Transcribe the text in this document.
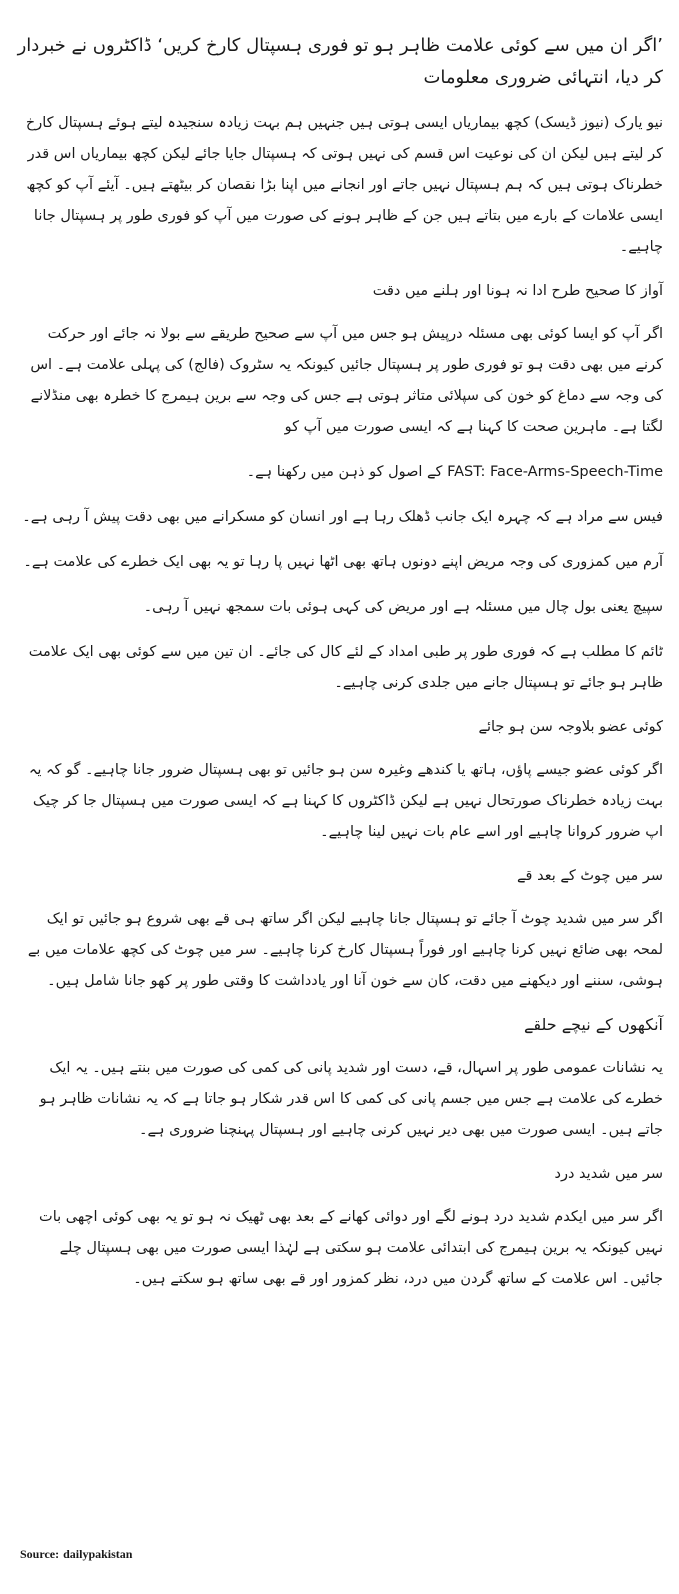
’اگر ان میں سے کوئی علامت ظاہر ہو تو فوری ہسپتال کارخ کریں‘ ڈاکٹروں نے خبردار کر دیا، انتہائی ضروری معلومات
نیو یارک (نیوز ڈیسک) کچھ بیماریاں ایسی ہوتی ہیں جنہیں ہم بہت زیادہ سنجیدہ لیتے ہوئے ہسپتال کارخ کر لیتے ہیں لیکن ان کی نوعیت اس قسم کی نہیں ہوتی کہ ہسپتال جایا جائے لیکن کچھ بیماریاں اس قدر خطرناک ہوتی ہیں کہ ہم ہسپتال نہیں جاتے اور انجانے میں اپنا بڑا نقصان کر بیٹھتے ہیں۔ آیئے آپ کو کچھ ایسی علامات کے بارے میں بتاتے ہیں جن کے ظاہر ہونے کی صورت میں آپ کو فوری طور پر ہسپتال جانا چاہیے۔
آواز کا صحیح طرح ادا نہ ہونا اور ہلنے میں دقت
اگر آپ کو ایسا کوئی بھی مسئلہ درپیش ہو جس میں آپ سے صحیح طریقے سے بولا نہ جائے اور حرکت کرنے میں بھی دقت ہو تو فوری طور پر ہسپتال جائیں کیونکہ یہ سٹروک (فالج) کی پہلی علامت ہے۔ اس کی وجہ سے دماغ کو خون کی سپلائی متاثر ہوتی ہے جس کی وجہ سے برین ہیمرج کا خطرہ بھی منڈلانے لگتا ہے۔ ماہرین صحت کا کہنا ہے کہ ایسی صورت میں آپ کو
FAST: Face-Arms-Speech-Time کے اصول کو ذہن میں رکھنا ہے۔
فیس سے مراد ہے کہ چہرہ ایک جانب ڈھلک رہا ہے اور انسان کو مسکرانے میں بھی دقت پیش آ رہی ہے۔
آرم میں کمزوری کی وجہ مریض اپنے دونوں ہاتھ بھی اٹھا نہیں پا رہا تو یہ بھی ایک خطرے کی علامت ہے۔
سپیچ یعنی بول چال میں مسئلہ ہے اور مریض کی کہی ہوئی بات سمجھ نہیں آ رہی۔
ٹائم کا مطلب ہے کہ فوری طور پر طبی امداد کے لئے کال کی جائے۔ ان تین میں سے کوئی بھی ایک علامت ظاہر ہو جائے تو ہسپتال جانے میں جلدی کرنی چاہیے۔
کوئی عضو بلاوجہ سن ہو جائے
اگر کوئی عضو جیسے پاؤں، ہاتھ یا کندھے وغیرہ سن ہو جائیں تو بھی ہسپتال ضرور جانا چاہیے۔ گو کہ یہ بہت زیادہ خطرناک صورتحال نہیں ہے لیکن ڈاکٹروں کا کہنا ہے کہ ایسی صورت میں ہسپتال جا کر چیک اپ ضرور کروانا چاہیے اور اسے عام بات نہیں لینا چاہیے۔
سر میں چوٹ کے بعد قے
اگر سر میں شدید چوٹ آ جائے تو ہسپتال جانا چاہیے لیکن اگر ساتھ ہی قے بھی شروع ہو جائیں تو ایک لمحہ بھی ضائع نہیں کرنا چاہیے اور فوراً ہسپتال کارخ کرنا چاہیے۔ سر میں چوٹ کی کچھ علامات میں بے ہوشی، سننے اور دیکھنے میں دقت، کان سے خون آنا اور یادداشت کا وقتی طور پر کھو جانا شامل ہیں۔
آنکھوں کے نیچے حلقے
یہ نشانات عمومی طور پر اسہال، قے، دست اور شدید پانی کی کمی کی صورت میں بنتے ہیں۔ یہ ایک خطرے کی علامت ہے جس میں جسم پانی کی کمی کا اس قدر شکار ہو جاتا ہے کہ یہ نشانات ظاہر ہو جاتے ہیں۔ ایسی صورت میں بھی دیر نہیں کرنی چاہیے اور ہسپتال پہنچنا ضروری ہے۔
سر میں شدید درد
اگر سر میں ایکدم شدید درد ہونے لگے اور دوائی کھانے کے بعد بھی ٹھیک نہ ہو تو یہ بھی کوئی اچھی بات نہیں کیونکہ یہ برین ہیمرج کی ابتدائی علامت ہو سکتی ہے لہٰذا ایسی صورت میں بھی ہسپتال چلے جائیں۔ اس علامت کے ساتھ گردن میں درد، نظر کمزور اور قے بھی ساتھ ہو سکتے ہیں۔
Source: dailypakistan
